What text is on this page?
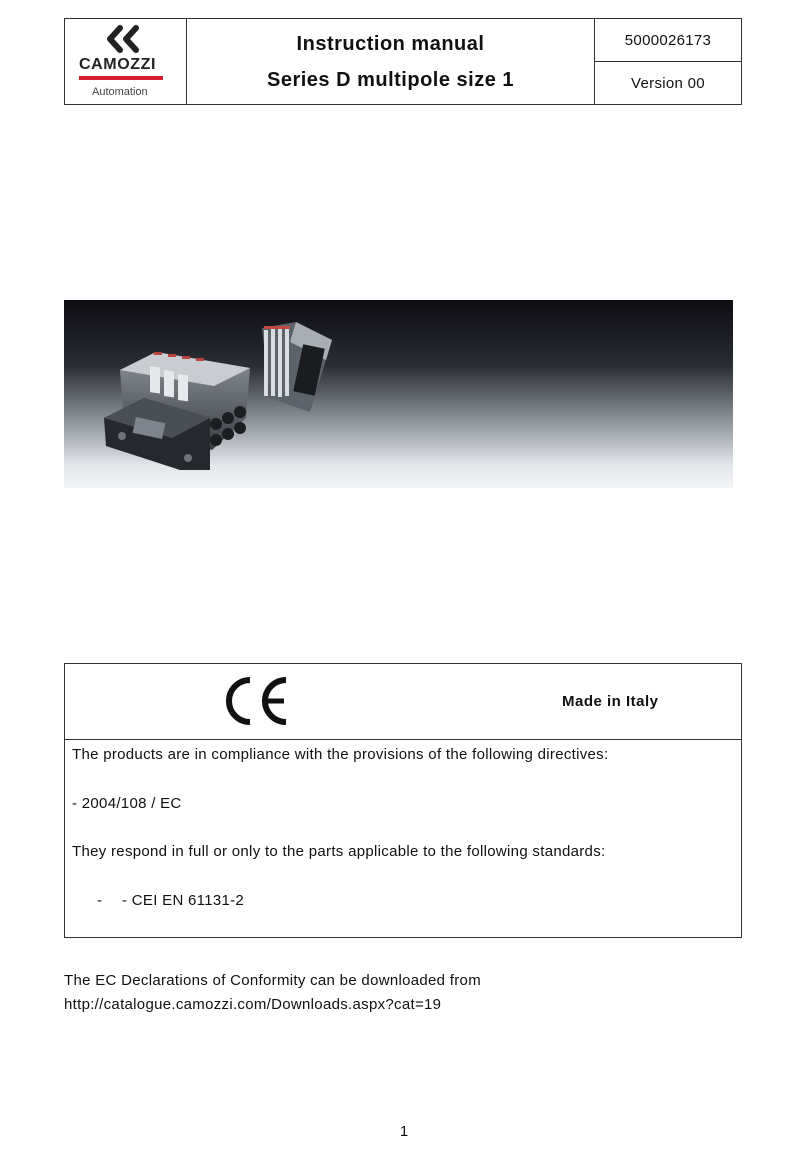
CAMOZZI
Automation
Instruction manual
Series D multipole size 1
5000026173
Version 00
Made in Italy
The products are in compliance with the provisions of the following directives:
- 2004/108 / EC
They respond in full or only to the parts applicable to the following standards:
- - CEI EN 61131-2
The EC Declarations of Conformity can be downloaded from
http://catalogue.camozzi.com/Downloads.aspx?cat=19
1
